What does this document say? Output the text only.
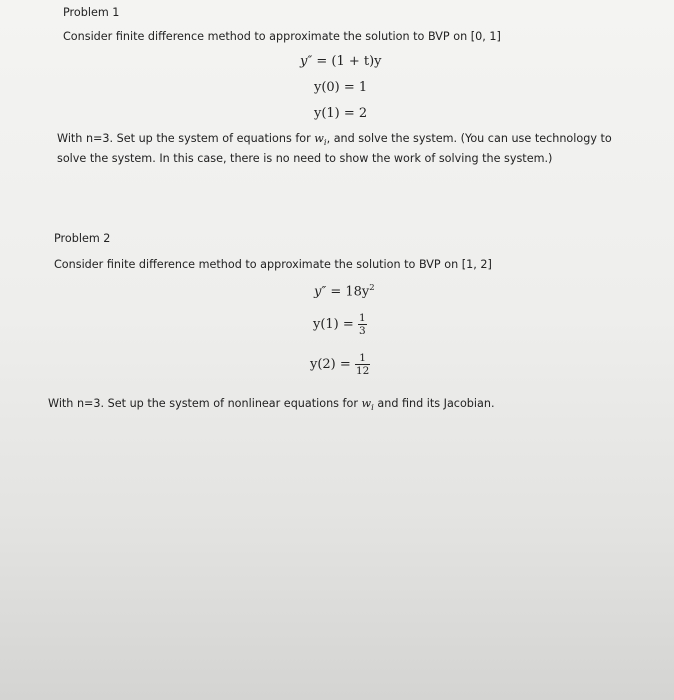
Problem 1
Consider finite difference method to approximate the solution to BVP on [0, 1]
y″ = (1 + t)y
y(0) = 1
y(1) = 2
With n=3. Set up the system of equations for $w_i$, and solve the system. (You can use technology to solve the system. In this case, there is no need to show the work of solving the system.)
Problem 2
Consider finite difference method to approximate the solution to BVP on [1, 2]
$y'' = 18y^2$
$y(1) = \frac{1}{3}$
$y(2) = \frac{1}{12}$
With n=3. Set up the system of nonlinear equations for $w_i$ and find its Jacobian.
